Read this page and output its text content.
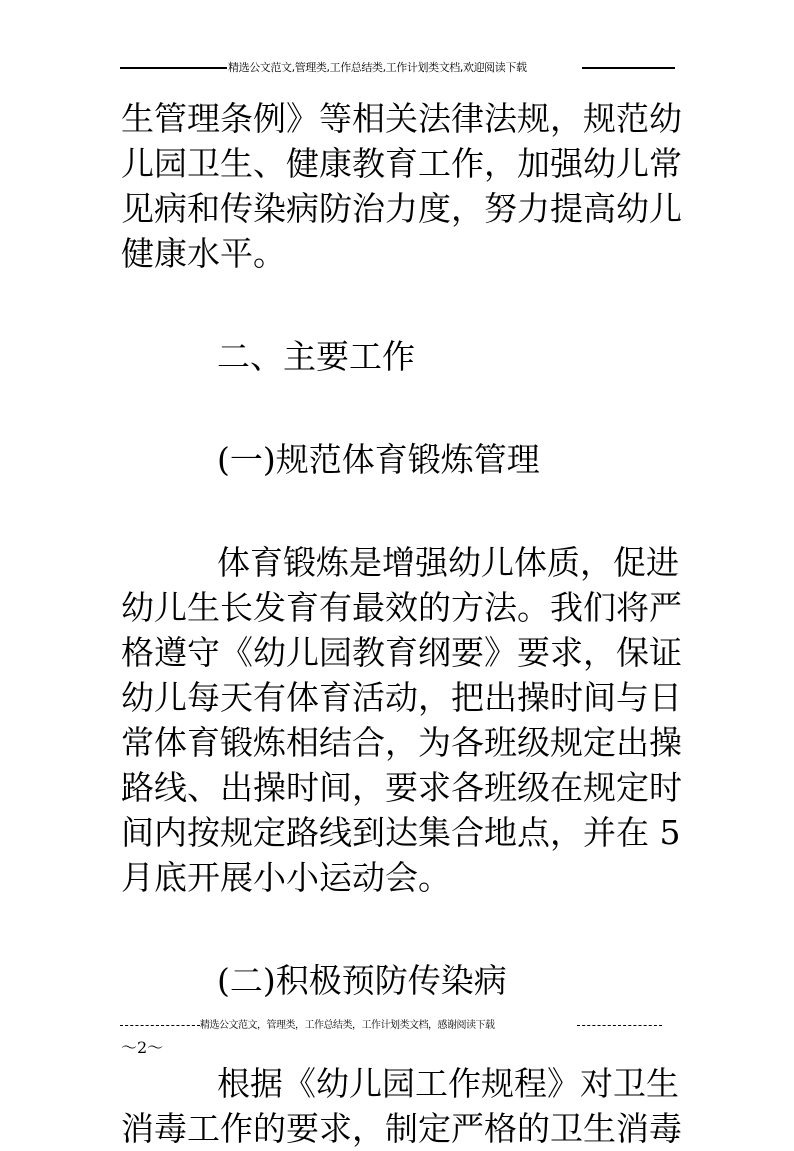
精选公文范文,管理类,工作总结类,工作计划类文档,欢迎阅读下载
生管理条例》等相关法律法规，规范幼
儿园卫生、健康教育工作，加强幼儿常
见病和传染病防治力度，努力提高幼儿
健康水平。
二、主要工作
(一)规范体育锻炼管理
体育锻炼是增强幼儿体质，促进
幼儿生长发育有最效的方法。我们将严
格遵守《幼儿园教育纲要》要求，保证
幼儿每天有体育活动，把出操时间与日
常体育锻炼相结合，为各班级规定出操
路线、出操时间，要求各班级在规定时
间内按规定路线到达集合地点，并在 5
月底开展小小运动会。
(二)积极预防传染病
根据《幼儿园工作规程》对卫生
消毒工作的要求，制定严格的卫生消毒
精选公文范文，管理类，工作总结类，工作计划类文档，感谢阅读下载
～2～
